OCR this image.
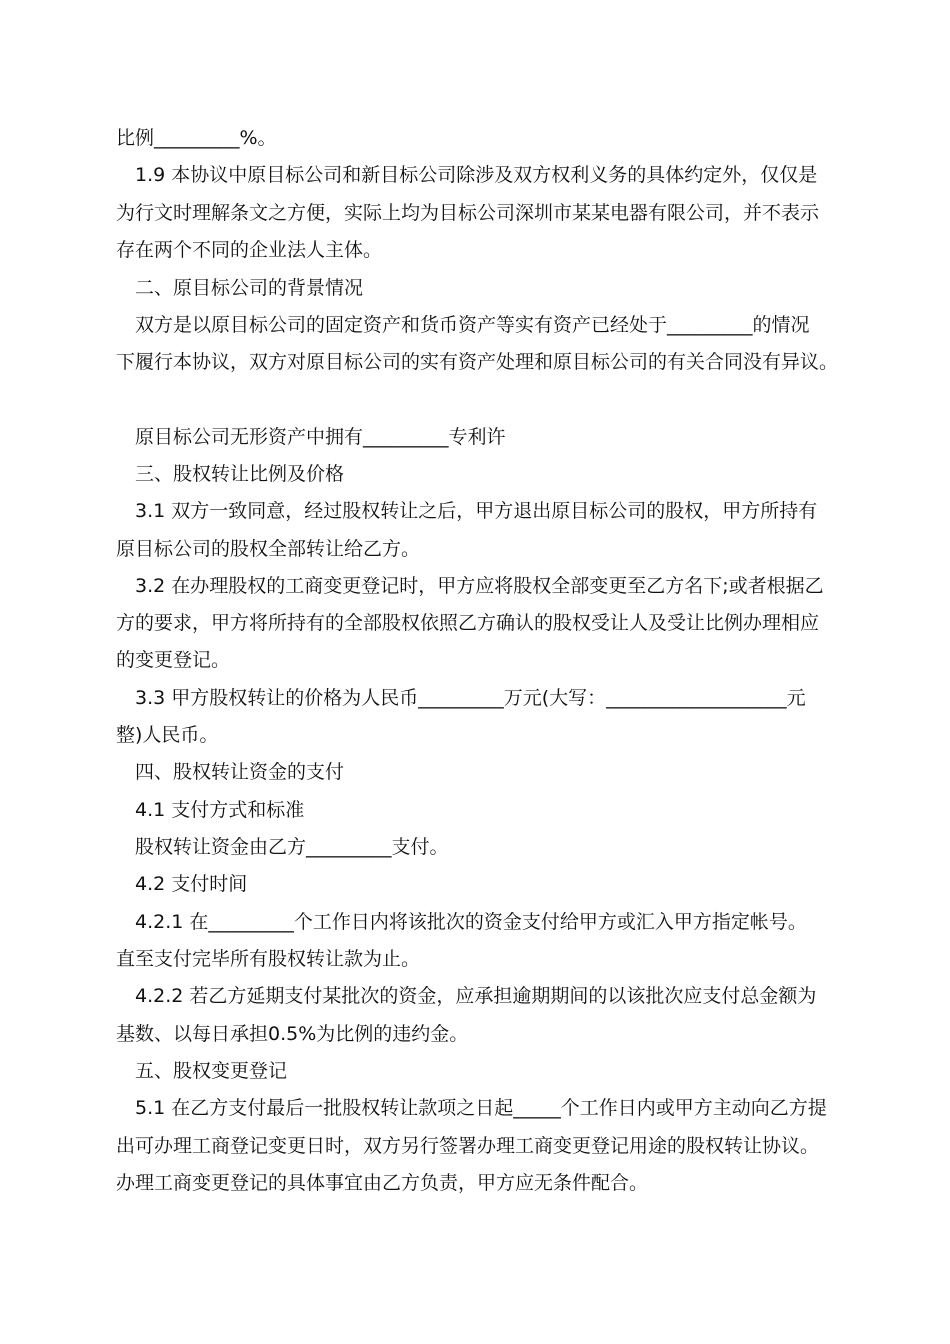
比例_________%。
1.9 本协议中原目标公司和新目标公司除涉及双方权利义务的具体约定外，仅仅是
为行文时理解条文之方便，实际上均为目标公司深圳市某某电器有限公司，并不表示
存在两个不同的企业法人主体。
二、原目标公司的背景情况
双方是以原目标公司的固定资产和货币资产等实有资产已经处于_________的情况
下履行本协议，双方对原目标公司的实有资产处理和原目标公司的有关合同没有异议。
原目标公司无形资产中拥有_________专利许
三、股权转让比例及价格
3.1 双方一致同意，经过股权转让之后，甲方退出原目标公司的股权，甲方所持有
原目标公司的股权全部转让给乙方。
3.2 在办理股权的工商变更登记时，甲方应将股权全部变更至乙方名下;或者根据乙
方的要求，甲方将所持有的全部股权依照乙方确认的股权受让人及受让比例办理相应
的变更登记。
3.3 甲方股权转让的价格为人民币_________万元(大写：___________________元
整)人民币。
四、股权转让资金的支付
4.1 支付方式和标准
股权转让资金由乙方_________支付。
4.2 支付时间
4.2.1 在_________个工作日内将该批次的资金支付给甲方或汇入甲方指定帐号。
直至支付完毕所有股权转让款为止。
4.2.2 若乙方延期支付某批次的资金，应承担逾期期间的以该批次应支付总金额为
基数、以每日承担0.5%为比例的违约金。
五、股权变更登记
5.1 在乙方支付最后一批股权转让款项之日起_____个工作日内或甲方主动向乙方提
出可办理工商登记变更日时，双方另行签署办理工商变更登记用途的股权转让协议。
办理工商变更登记的具体事宜由乙方负责，甲方应无条件配合。
